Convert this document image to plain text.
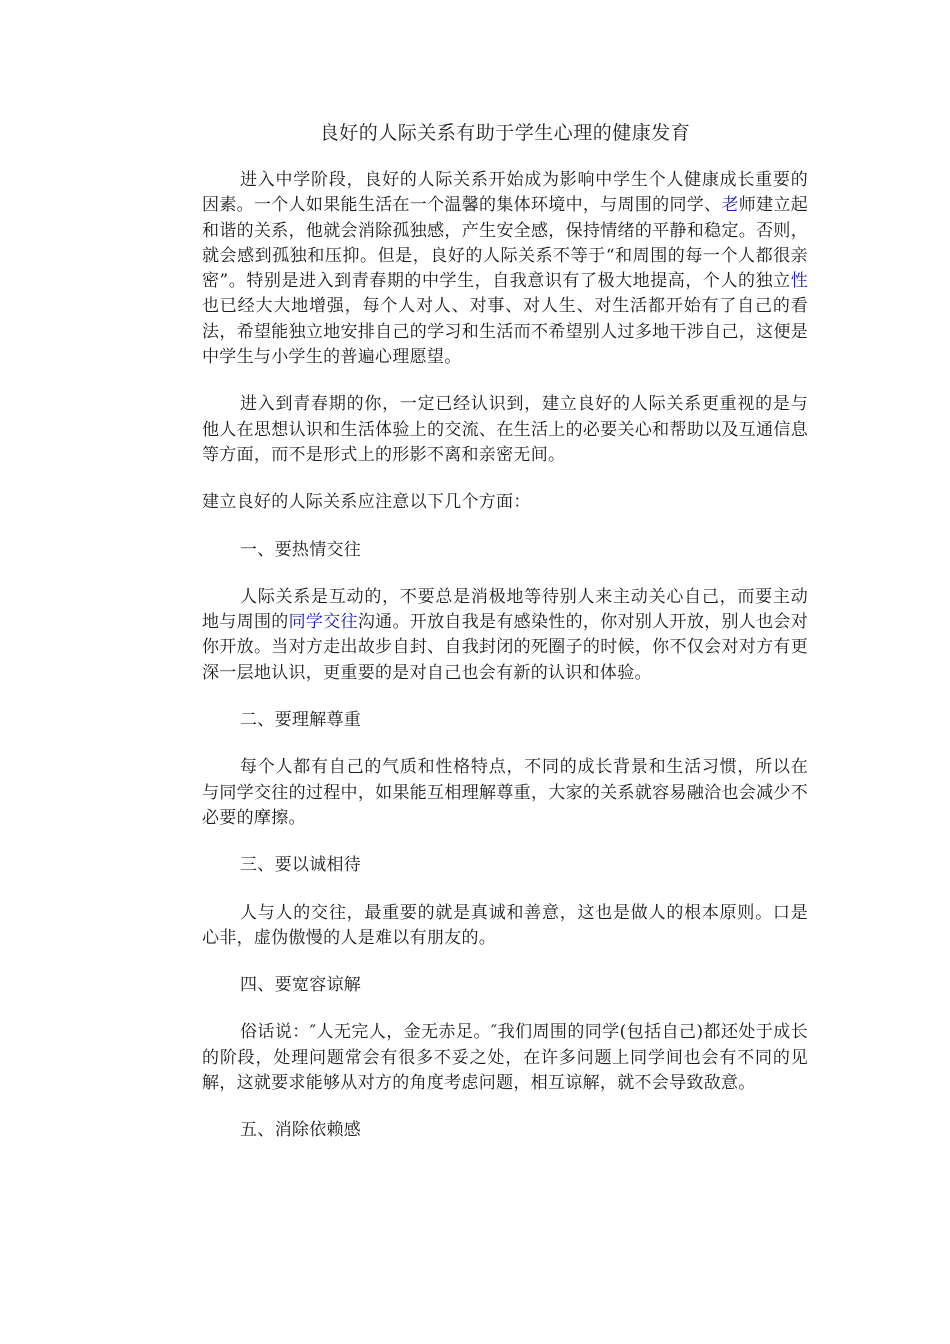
良好的人际关系有助于学生心理的健康发育

进入中学阶段，良好的人际关系开始成为影响中学生个人健康成长重要的因素。一个人如果能生活在一个温馨的集体环境中，与周围的同学、老师建立起和谐的关系，他就会消除孤独感，产生安全感，保持情绪的平静和稳定。否则，就会感到孤独和压抑。但是，良好的人际关系不等于“和周围的每一个人都很亲密”。特别是进入到青春期的中学生，自我意识有了极大地提高，个人的独立性也已经大大地增强，每个人对人、对事、对人生、对生活都开始有了自己的看法，希望能独立地安排自己的学习和生活而不希望别人过多地干涉自己，这便是中学生与小学生的普遍心理愿望。

进入到青春期的你，一定已经认识到，建立良好的人际关系更重视的是与他人在思想认识和生活体验上的交流、在生活上的必要关心和帮助以及互通信息等方面，而不是形式上的形影不离和亲密无间。

建立良好的人际关系应注意以下几个方面：

一、要热情交往

人际关系是互动的，不要总是消极地等待别人来主动关心自己，而要主动地与周围的同学交往沟通。开放自我是有感染性的，你对别人开放，别人也会对你开放。当对方走出故步自封、自我封闭的死圈子的时候，你不仅会对对方有更深一层地认识，更重要的是对自己也会有新的认识和体验。

二、要理解尊重

每个人都有自己的气质和性格特点，不同的成长背景和生活习惯，所以在与同学交往的过程中，如果能互相理解尊重，大家的关系就容易融洽也会减少不必要的摩擦。

三、要以诚相待

人与人的交往，最重要的就是真诚和善意，这也是做人的根本原则。口是心非，虚伪傲慢的人是难以有朋友的。

四、要宽容谅解

俗话说：″人无完人，金无赤足。″我们周围的同学(包括自己)都还处于成长的阶段，处理问题常会有很多不妥之处，在许多问题上同学间也会有不同的见解，这就要求能够从对方的角度考虑问题，相互谅解，就不会导致敌意。

五、消除依赖感
